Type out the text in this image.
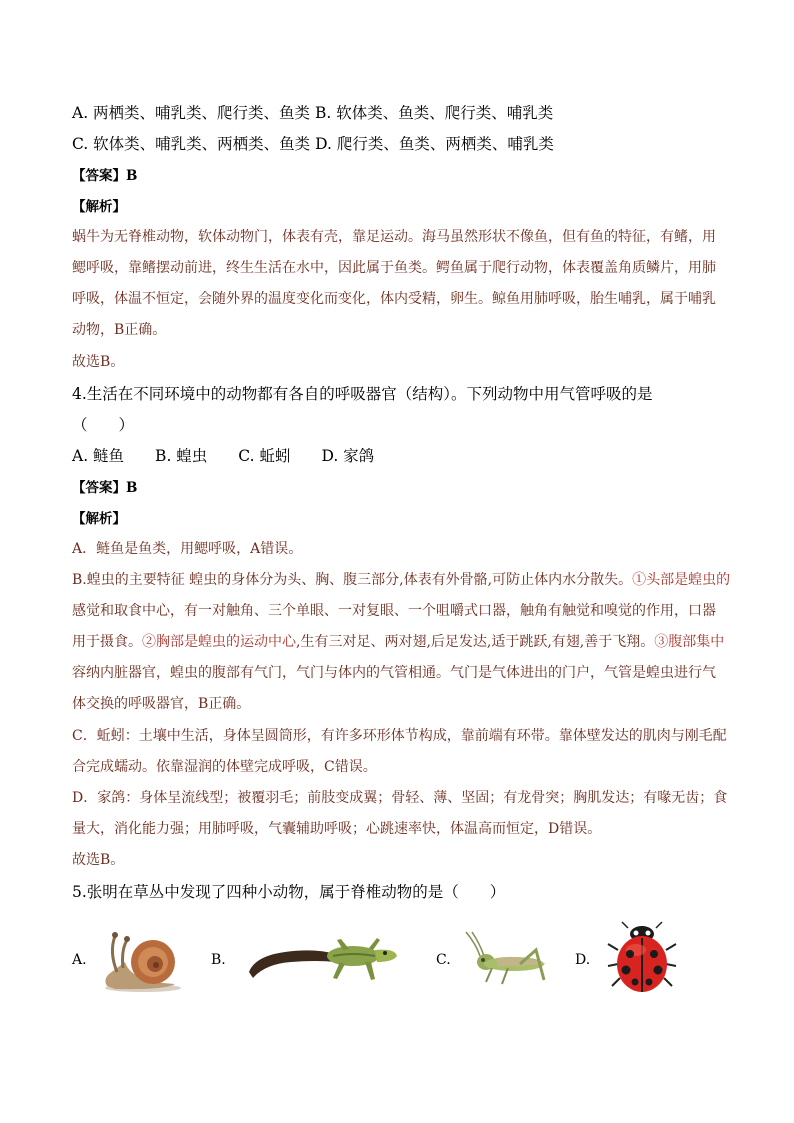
A. 两栖类、哺乳类、爬行类、鱼类 B. 软体类、鱼类、爬行类、哺乳类
C. 软体类、哺乳类、两栖类、鱼类 D. 爬行类、鱼类、两栖类、哺乳类
【答案】B
【解析】
蜗牛为无脊椎动物，软体动物门，体表有壳，靠足运动。海马虽然形状不像鱼，但有鱼的特征，有鳍，用
鳃呼吸，靠鳍摆动前进，终生生活在水中，因此属于鱼类。鳄鱼属于爬行动物，体表覆盖角质鳞片，用肺
呼吸，体温不恒定，会随外界的温度变化而变化，体内受精，卵生。鲸鱼用肺呼吸，胎生哺乳，属于哺乳
动物，B正确。
故选B。
4.生活在不同环境中的动物都有各自的呼吸器官（结构）。下列动物中用气管呼吸的是
（　　）
A. 鲢鱼　　B. 蝗虫　　C. 蚯蚓　　D. 家鸽
【答案】B
【解析】
A．鲢鱼是鱼类，用鳃呼吸，A错误。
B.蝗虫的主要特征 蝗虫的身体分为头、胸、腹三部分,体表有外骨骼,可防止体内水分散失。①头部是蝗虫的
感觉和取食中心，有一对触角、三个单眼、一对复眼、一个咀嚼式口器，触角有触觉和嗅觉的作用，口器
用于摄食。②胸部是蝗虫的运动中心,生有三对足、两对翅,后足发达,适于跳跃,有翅,善于飞翔。③腹部集中
容纳内脏器官，蝗虫的腹部有气门，气门与体内的气管相通。气门是气体进出的门户，气管是蝗虫进行气
体交换的呼吸器官，B正确。
C．蚯蚓：土壤中生活，身体呈圆筒形，有许多环形体节构成，靠前端有环带。靠体壁发达的肌肉与刚毛配
合完成蠕动。依靠湿润的体壁完成呼吸，C错误。
D．家鸽：身体呈流线型；被覆羽毛；前肢变成翼；骨轻、薄、坚固；有龙骨突；胸肌发达；有喙无齿；食
量大，消化能力强；用肺呼吸，气囊辅助呼吸；心跳速率快，体温高而恒定，D错误。
故选B。
5.张明在草丛中发现了四种小动物，属于脊椎动物的是（　　）
A.	B.	C.	D.
